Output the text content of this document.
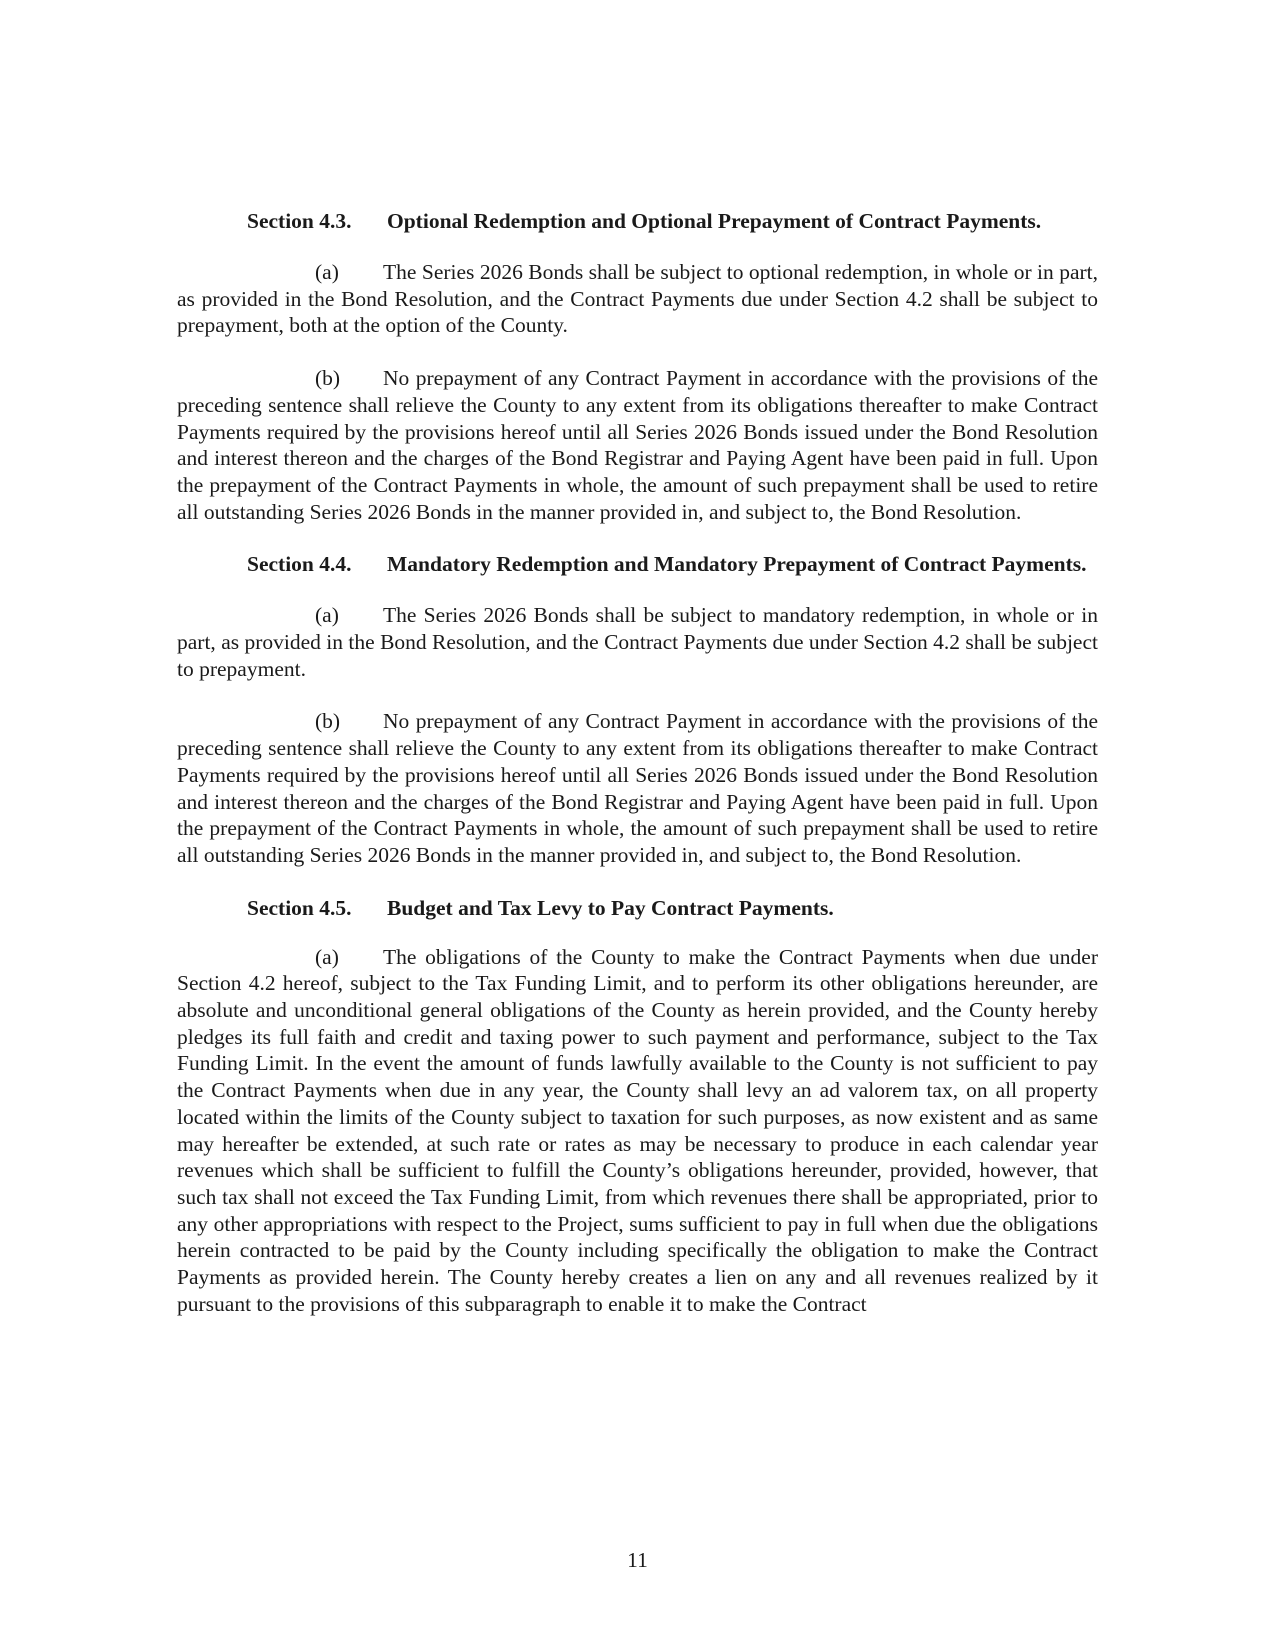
Section 4.3. Optional Redemption and Optional Prepayment of Contract Payments.

(a) The Series 2026 Bonds shall be subject to optional redemption, in whole or in part, as provided in the Bond Resolution, and the Contract Payments due under Section 4.2 shall be subject to prepayment, both at the option of the County.

(b) No prepayment of any Contract Payment in accordance with the provisions of the preceding sentence shall relieve the County to any extent from its obligations thereafter to make Contract Payments required by the provisions hereof until all Series 2026 Bonds issued under the Bond Resolution and interest thereon and the charges of the Bond Registrar and Paying Agent have been paid in full. Upon the prepayment of the Contract Payments in whole, the amount of such prepayment shall be used to retire all outstanding Series 2026 Bonds in the manner provided in, and subject to, the Bond Resolution.

Section 4.4. Mandatory Redemption and Mandatory Prepayment of Contract Payments.

(a) The Series 2026 Bonds shall be subject to mandatory redemption, in whole or in part, as provided in the Bond Resolution, and the Contract Payments due under Section 4.2 shall be subject to prepayment.

(b) No prepayment of any Contract Payment in accordance with the provisions of the preceding sentence shall relieve the County to any extent from its obligations thereafter to make Contract Payments required by the provisions hereof until all Series 2026 Bonds issued under the Bond Resolution and interest thereon and the charges of the Bond Registrar and Paying Agent have been paid in full. Upon the prepayment of the Contract Payments in whole, the amount of such prepayment shall be used to retire all outstanding Series 2026 Bonds in the manner provided in, and subject to, the Bond Resolution.

Section 4.5. Budget and Tax Levy to Pay Contract Payments.

(a) The obligations of the County to make the Contract Payments when due under Section 4.2 hereof, subject to the Tax Funding Limit, and to perform its other obligations hereunder, are absolute and unconditional general obligations of the County as herein provided, and the County hereby pledges its full faith and credit and taxing power to such payment and performance, subject to the Tax Funding Limit. In the event the amount of funds lawfully available to the County is not sufficient to pay the Contract Payments when due in any year, the County shall levy an ad valorem tax, on all property located within the limits of the County subject to taxation for such purposes, as now existent and as same may hereafter be extended, at such rate or rates as may be necessary to produce in each calendar year revenues which shall be sufficient to fulfill the County’s obligations hereunder, provided, however, that such tax shall not exceed the Tax Funding Limit, from which revenues there shall be appropriated, prior to any other appropriations with respect to the Project, sums sufficient to pay in full when due the obligations herein contracted to be paid by the County including specifically the obligation to make the Contract Payments as provided herein. The County hereby creates a lien on any and all revenues realized by it pursuant to the provisions of this subparagraph to enable it to make the Contract

11
